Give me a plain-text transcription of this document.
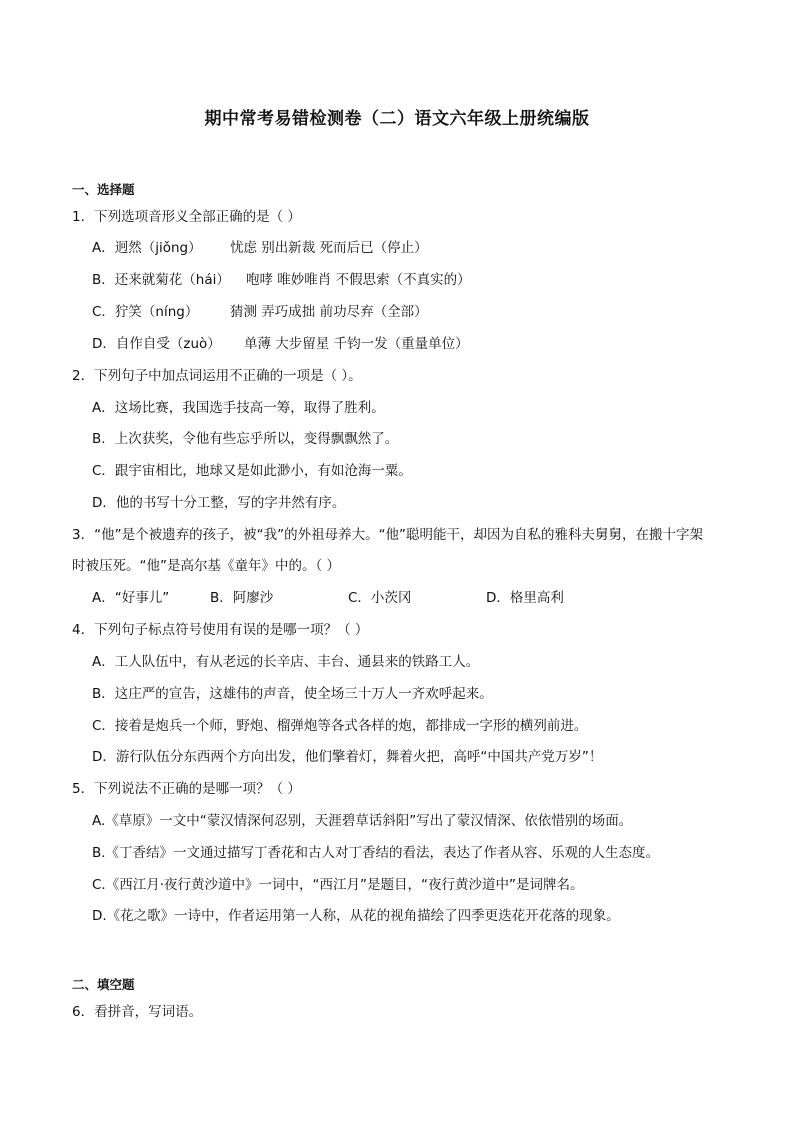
期中常考易错检测卷（二）语文六年级上册统编版
一、选择题
1．下列选项音形义全部正确的是（ ）
A．迥然（jiǒng） 忧虑 别出新裁 死而后已（停止）
B．还来就菊花（hái） 咆哮 唯妙唯肖 不假思索（不真实的）
C．狞笑（níng） 猜测 弄巧成拙 前功尽弃（全部）
D．自作自受（zuò） 单薄 大步留星 千钧一发（重量单位）
2．下列句子中加点词运用不正确的一项是（ ）。
A．这场比赛，我国选手技高一筹，取得了胜利。
B．上次获奖，令他有些忘乎所以，变得飘飘然了。
C．跟宇宙相比，地球又是如此渺小，有如沧海一粟。
D．他的书写十分工整，写的字井然有序。
3．“他”是个被遗弃的孩子，被“我”的外祖母养大。“他”聪明能干，却因为自私的雅科夫舅舅，在搬十字架
时被压死。“他”是高尔基《童年》中的。（ ）
A．“好事儿”	B．阿廖沙	C．小茨冈	D．格里高利
4．下列句子标点符号使用有误的是哪一项？（ ）
A．工人队伍中，有从老远的长辛店、丰台、通县来的铁路工人。
B．这庄严的宣告，这雄伟的声音，使全场三十万人一齐欢呼起来。
C．接着是炮兵一个师，野炮、榴弹炮等各式各样的炮，都排成一字形的横列前进。
D．游行队伍分东西两个方向出发，他们擎着灯，舞着火把，高呼“中国共产党万岁”！
5．下列说法不正确的是哪一项？（ ）
A.《草原》一文中“蒙汉情深何忍别，天涯碧草话斜阳”写出了蒙汉情深、依依惜别的场面。
B.《丁香结》一文通过描写丁香花和古人对丁香结的看法，表达了作者从容、乐观的人生态度。
C.《西江月·夜行黄沙道中》一词中，“西江月”是题目，“夜行黄沙道中”是词牌名。
D.《花之歌》一诗中，作者运用第一人称，从花的视角描绘了四季更迭花开花落的现象。
二、填空题
6．看拼音，写词语。
